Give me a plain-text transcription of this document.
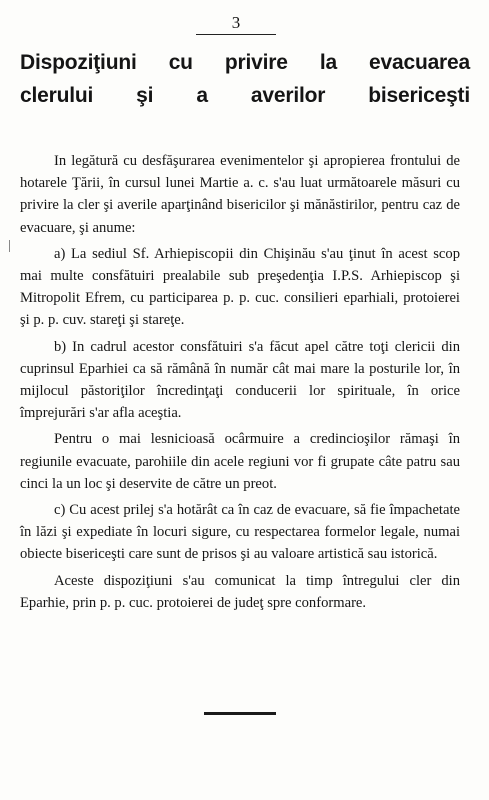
3
Dispoziţiuni cu privire la evacuarea
clerului şi a averilor bisericeşti

In legătură cu desfăşurarea evenimentelor şi apropierea frontului de hotarele Ţării, în cursul lunei Martie a. c. s'au luat următoarele măsuri cu privire la cler şi averile aparţinând bisericilor şi mănăstirilor, pentru caz de evacuare, şi anume:

a) La sediul Sf. Arhiepiscopii din Chişinău s'au ţinut în acest scop mai multe consfătuiri prealabile sub preşedenţia I.P.S. Arhiepiscop şi Mitropolit Efrem, cu participarea p. p. cuc. consilieri eparhiali, protoierei şi p. p. cuv. stareţi şi stareţe.

b) In cadrul acestor consfătuiri s'a făcut apel către toţi clericii din cuprinsul Eparhiei ca să rămână în număr cât mai mare la posturile lor, în mijlocul păstoriţilor încredinţaţi conducerii lor spirituale, în orice împrejurări s'ar afla aceştia.

Pentru o mai lesnicioasă ocârmuire a credincioşilor rămaşi în regiunile evacuate, parohiile din acele regiuni vor fi grupate câte patru sau cinci la un loc şi deservite de către un preot.

c) Cu acest prilej s'a hotărât ca în caz de evacuare, să fie împachetate în lăzi şi expediate în locuri sigure, cu respectarea formelor legale, numai obiecte bisericeşti care sunt de prisos şi au valoare artistică sau istorică.

Aceste dispoziţiuni s'au comunicat la timp întregului cler din Eparhie, prin p. p. cuc. protoierei de judeţ spre conformare.
